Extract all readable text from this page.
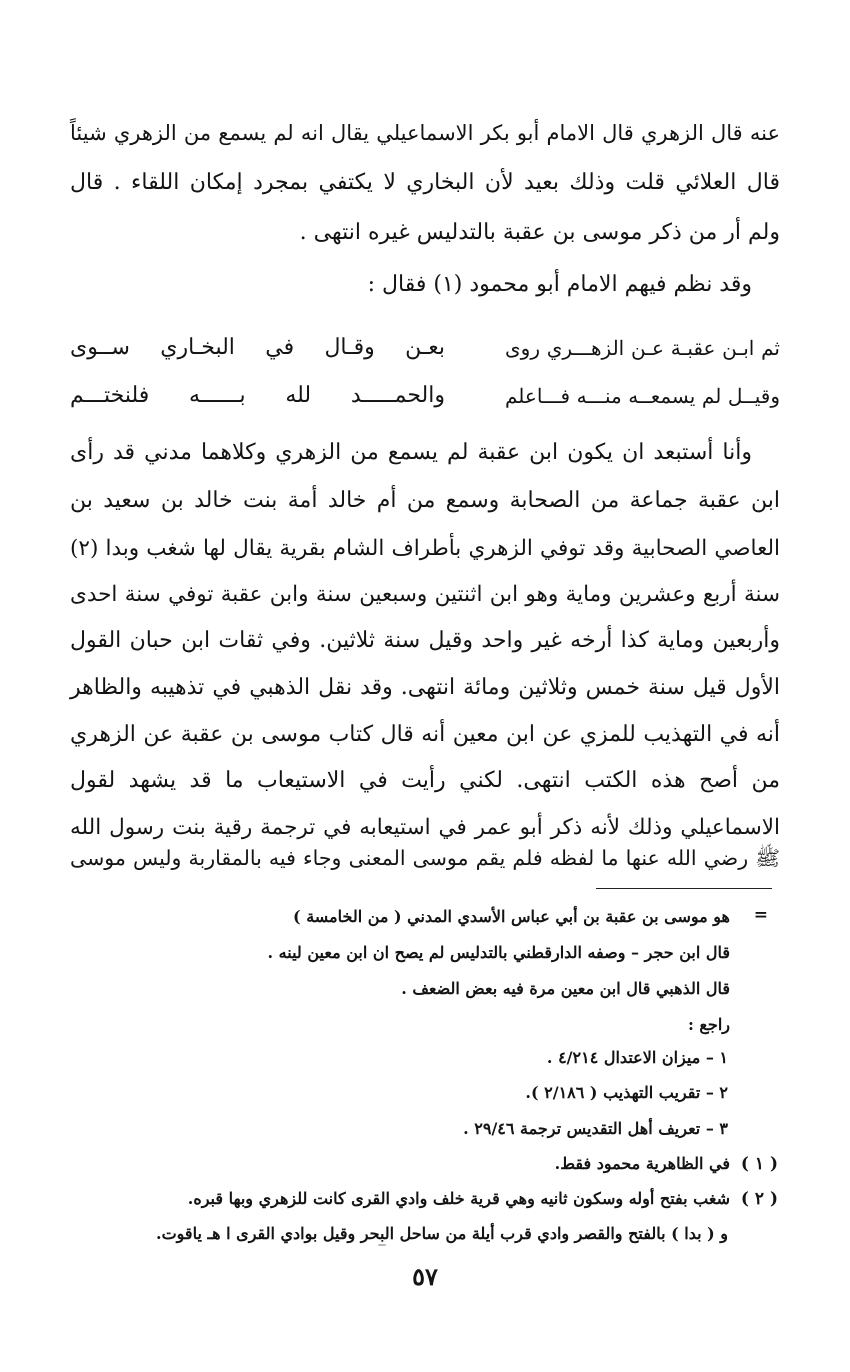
عنه قال الزهري قال الامام أبو بكر الاسماعيلي يقال انه لم يسمع من الزهري شيئاً
قال العلائي قلت وذلك بعيد لأن البخاري لا يكتفي بمجرد إمكان اللقاء . قال
ولم أر من ذكر موسى بن عقبة بالتدليس غيره انتهى .
وقد نظم فيهم الامام أبو محمود (١) فقال :
ثم ابـن عقبـة عـن الزهـــري روى
بعـن وقـال في البخـاري ســوى
وقيــل لم يسمعــه منـــه فـــاعلم
والحمـــــد لله بــــــه فلنختـــم
وأنا أستبعد ان يكون ابن عقبة لم يسمع من الزهري وكلاهما مدني قد رأى
ابن عقبة جماعة من الصحابة وسمع من أم خالد أمة بنت خالد بن سعيد بن
العاصي الصحابية وقد توفي الزهري بأطراف الشام بقرية يقال لها شغب وبدا (٢)
سنة أربع وعشرين وماية وهو ابن اثنتين وسبعين سنة وابن عقبة توفي سنة احدى
وأربعين وماية كذا أرخه غير واحد وقيل سنة ثلاثين. وفي ثقات ابن حبان القول
الأول قيل سنة خمس وثلاثين ومائة انتهى. وقد نقل الذهبي في تذهيبه والظاهر
أنه في التهذيب للمزي عن ابن معين أنه قال كتاب موسى بن عقبة عن الزهري
من أصح هذه الكتب انتهى. لكني رأيت في الاستيعاب ما قد يشهد لقول
الاسماعيلي وذلك لأنه ذكر أبو عمر في استيعابه في ترجمة رقية بنت رسول الله
ﷺ رضي الله عنها ما لفظه فلم يقم موسى المعنى وجاء فيه بالمقاربة وليس موسى
=
هو موسى بن عقبة بن أبي عباس الأسدي المدني ( من الخامسة )
قال ابن حجر – وصفه الدارقطني بالتدليس لم يصح ان ابن معين لينه .
قال الذهبي قال ابن معين مرة فيه بعض الضعف .
راجع :
١ – ميزان الاعتدال ٤/٢١٤ .
٢ – تقريب التهذيب ( ٢/١٨٦ ).
٣ – تعريف أهل التقديس ترجمة ٢٩/٤٦ .
( ١ )
في الظاهرية محمود فقط.
( ٢ )
شغب بفتح أوله وسكون ثانيه وهي قرية خلف وادي القرى كانت للزهري وبها قبره.
و ( بدا ) بالفتح والقصر وادي قرب أيلة من ساحل البحر وقيل بوادي القرى ا هـ ياقوت.
٥٧
